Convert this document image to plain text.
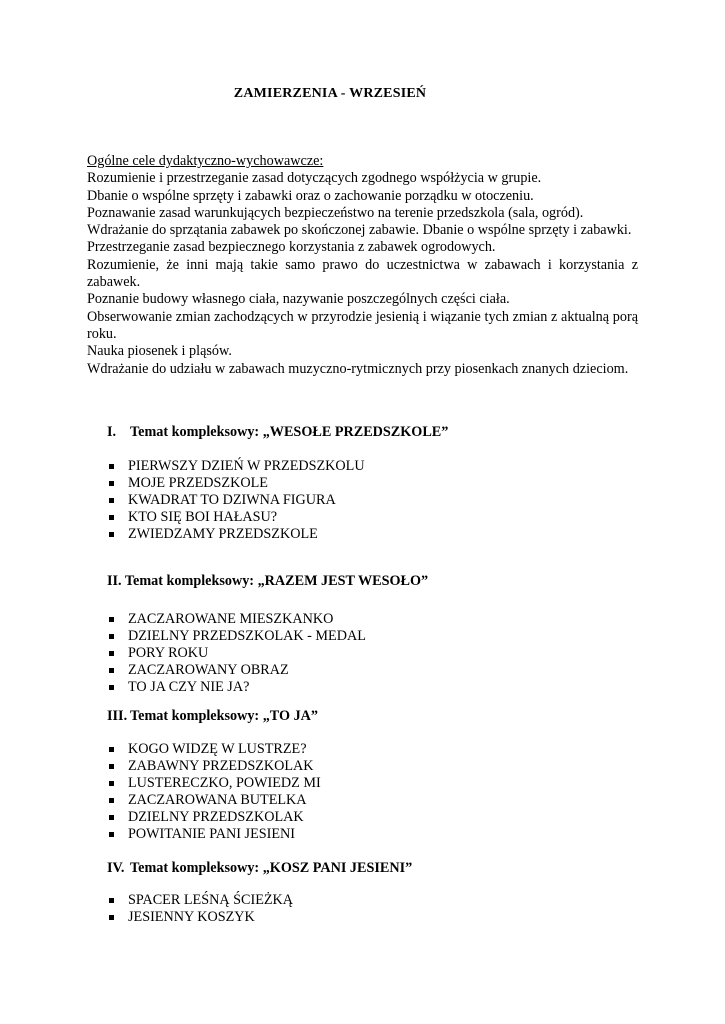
ZAMIERZENIA - WRZESIEŃ

Ogólne cele dydaktyczno-wychowawcze:

Rozumienie i przestrzeganie zasad dotyczących zgodnego współżycia w grupie.

Dbanie o wspólne sprzęty i zabawki oraz o zachowanie porządku w otoczeniu.

Poznawanie zasad warunkujących bezpieczeństwo na terenie przedszkola (sala, ogród).

Wdrażanie do sprzątania zabawek po skończonej zabawie. Dbanie o wspólne sprzęty i zabawki.

Przestrzeganie zasad bezpiecznego korzystania z zabawek ogrodowych.

Rozumienie, że inni mają takie samo prawo do uczestnictwa w zabawach i korzystania z zabawek.

Poznanie budowy własnego ciała, nazywanie poszczególnych części ciała.

Obserwowanie zmian zachodzących w przyrodzie jesienią i wiązanie tych zmian z aktualną porą roku.

Nauka piosenek i pląsów.

Wdrażanie do udziału w zabawach muzyczno-rytmicznych przy piosenkach znanych dzieciom.

I. Temat kompleksowy: „WESOŁE PRZEDSZKOLE”
PIERWSZY DZIEŃ W PRZEDSZKOLU
MOJE PRZEDSZKOLE
KWADRAT TO DZIWNA FIGURA
KTO SIĘ BOI HAŁASU?
ZWIEDZAMY PRZEDSZKOLE
II. Temat kompleksowy: „RAZEM JEST WESOŁO”
ZACZAROWANE MIESZKANKO
DZIELNY PRZEDSZKOLAK - MEDAL
PORY ROKU
ZACZAROWANY OBRAZ
TO JA CZY NIE JA?
III. Temat kompleksowy: „TO JA”
KOGO WIDZĘ W LUSTRZE?
ZABAWNY PRZEDSZKOLAK
LUSTERECZKO, POWIEDZ MI
ZACZAROWANA BUTELKA
DZIELNY PRZEDSZKOLAK
POWITANIE PANI JESIENI
IV. Temat kompleksowy: „KOSZ PANI JESIENI”
SPACER LEŚNĄ ŚCIEŻKĄ
JESIENNY KOSZYK
